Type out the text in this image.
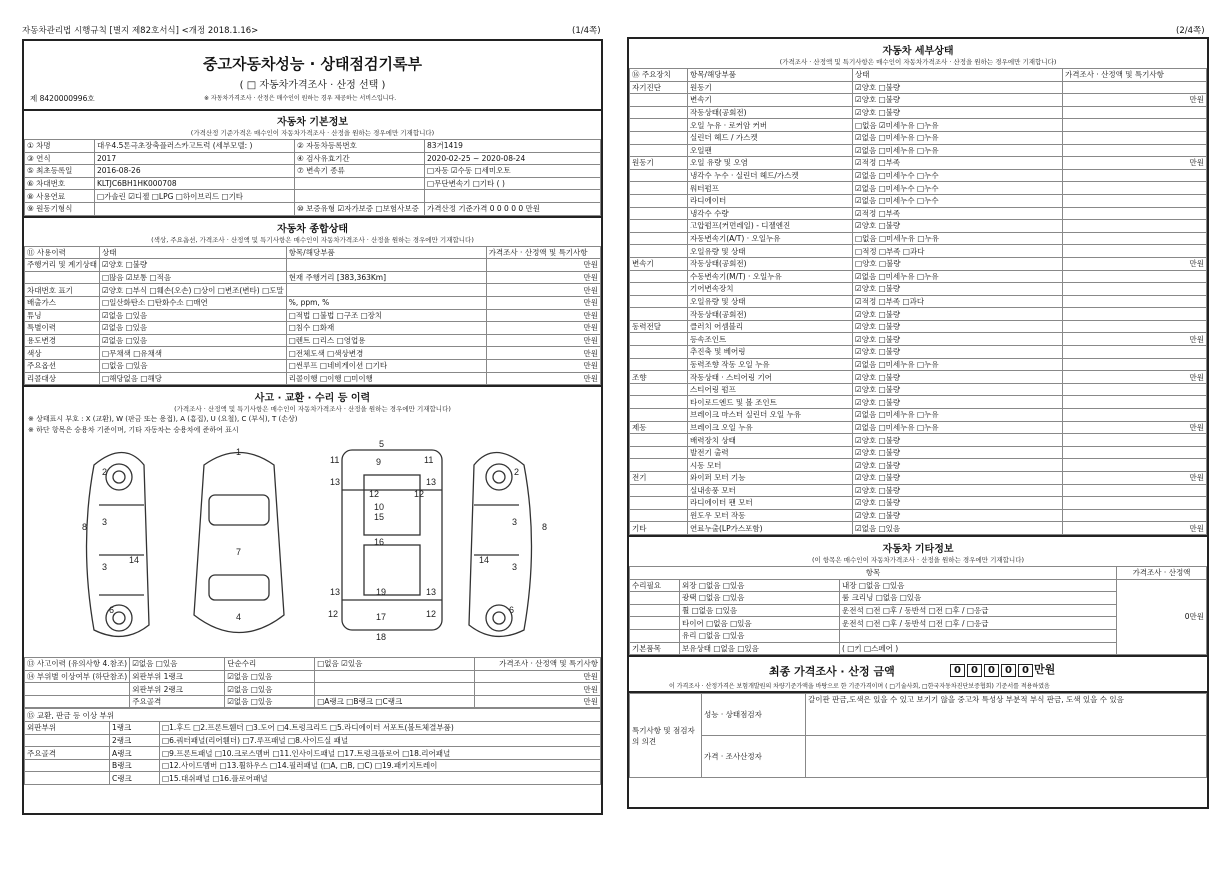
자동차관리법 시행규칙 [별지 제82호서식] <개정 2018.1.16>	(1/4쪽)	(2/4쪽)
중고자동차성능 · 상태점검기록부
( □ 자동차가격조사 · 산정 선택 )
제 8420000996호	※ 자동차가격조사 · 산정은 매수인이 원하는 경우 제공하는 서비스입니다.
자동차 기본정보
(가격산정 기준가격은 매수인이 자동차가격조사 · 산정을 원하는 경우에만 기재합니다)
① 차명	대우4.5톤극초장축플러스카고트럭 (세부모델: )	② 자동차등록번호	83거1419
③ 연식	2017	④ 검사유효기간	2020-02-25 ~ 2020-08-24
⑤ 최초등록일	2016-08-26	⑦ 변속기 종류	□자동 ☑수동 □세미오토
⑥ 차대번호	KLTJC6BH1HK000708		□무단변속기 □기타 ( )
⑧ 사용연료	□가솔린 ☑디젤 □LPG □하이브리드 □기타		
⑨ 원동기형식		⑩ 보증유형 ☑자가보증 □보험사보증	가격산정 기준가격 0 0 0 0 0 만원
자동차 종합상태
(색상, 주요옵션, 가격조사 · 산정액 및 특기사항은 매수인이 자동차가격조사 · 산정을 원하는 경우에만 기재합니다)
⑪ 사용이력	상태	항목/해당부품	가격조사 · 산정액 및 특기사항
주행거리 및 계기상태	☑양호 □불량		만원
	□많음 ☑보통 □적음	현재 주행거리 [383,363Km]	만원
차대번호 표기	☑양호 □부식 □훼손(오손) □상이 □변조(변타) □도말		만원
배출가스	□일산화탄소 □탄화수소 □매연	%, ppm, %	만원
튜닝	☑없음 □있음	□적법 □불법 □구조 □장치	만원
특별이력	☑없음 □있음	□침수 □화재	만원
용도변경	☑없음 □있음	□렌트 □리스 □영업용	만원
색상	□무채색 □유채색	□전체도색 □색상변경	만원
주요옵션	□없음 □있음	□썬루프 □네비게이션 □기타	만원
리콜대상	□해당없음 □해당	리콜이행 □이행 □미이행	만원
사고 · 교환 · 수리 등 이력
(가격조사 · 산정액 및 특기사항은 매수인이 자동차가격조사 · 산정을 원하는 경우에만 기재합니다)
※ 상태표시 부호 : X (교환), W (판금 또는 용접), A (흠집), U (요철), C (부식), T (손상)
※ 하단 항목은 승용차 기준이며, 기타 자동차는 승용차에 준하여 표시
2
8 3
14
3
6
1
7
4
5
11	11
9
13
12	12
13
10
15
16
13	19	13
12	17	12
18
2
8
3
14
3
6
⑬ 사고이력 (유의사항 4.참조)	☑없음 □있음	단순수리	□없음 ☑있음	가격조사 · 산정액 및 특기사항
⑭ 부위별 이상여부 (하단참조)	외판부위 1랭크	☑없음 □있음		만원
	외판부위 2랭크	☑없음 □있음		만원
	주요골격	☑없음 □있음	□A랭크 □B랭크 □C랭크	만원
⑮ 교환, 판금 등 이상 부위		
외판부위	1랭크	□1.후드 □2.프론트휀더 □3.도어 □4.트렁크리드 □5.라디에이터 서포트(볼트체결부품)
	2랭크	□6.쿼터패널(리어휀더) □7.루프패널 □8.사이드실 패널
주요골격	A랭크	□9.프론트패널 □10.크로스멤버 □11.인사이드패널 □17.트렁크플로어 □18.리어패널
	B랭크	□12.사이드멤버 □13.휠하우스 □14.필러패널 (□A, □B, □C) □19.패키지트레이
	C랭크	□15.대쉬패널 □16.플로어패널
자동차 세부상태
(가격조사 · 산정액 및 특기사항은 매수인이 자동차가격조사 · 산정을 원하는 경우에만 기재합니다)
⑯ 주요장치	항목/해당부품	상태	가격조사 · 산정액 및 특기사항
자기진단	원동기	☑양호 □불량	
	변속기	☑양호 □불량	만원
	작동상태(공회전)	☑양호 □불량	
	오일 누유 · 로커암 커버	□없음 ☑미세누유 □누유	
	실린더 헤드 / 가스켓	☑없음 □미세누유 □누유	
	오일팬	☑없음 □미세누유 □누유	
원동기	오일 유량 및 오염	☑적정 □부족	만원
	냉각수 누수 · 실린더 헤드/가스켓	☑없음 □미세누수 □누수	
	워터펌프	☑없음 □미세누수 □누수	
	라디에이터	☑없음 □미세누수 □누수	
	냉각수 수량	☑적정 □부족	
	고압펌프(커먼레일) - 디젤엔진	☑양호 □불량	
	자동변속기(A/T) · 오일누유	□없음 □미세누유 □누유	
	오일유량 및 상태	□적정 □부족 □과다	
변속기	작동상태(공회전)	□양호 □불량	만원
	수동변속기(M/T) · 오일누유	☑없음 □미세누유 □누유	
	기어변속장치	☑양호 □불량	
	오일유량 및 상태	☑적정 □부족 □과다	
	작동상태(공회전)	☑양호 □불량	
동력전달	클러치 어셈블리	☑양호 □불량	
	등속조인트	☑양호 □불량	만원
	추진축 및 베어링	☑양호 □불량	
	동력조향 작동 오일 누유	☑없음 □미세누유 □누유	
조향	작동상태 · 스티어링 기어	☑양호 □불량	만원
	스티어링 펌프	☑양호 □불량	
	타이로드엔드 및 볼 조인트	☑양호 □불량	
	브레이크 마스터 실린더 오일 누유	☑없음 □미세누유 □누유	
제동	브레이크 오일 누유	☑없음 □미세누유 □누유	만원
	배력장치 상태	☑양호 □불량	
	발전기 출력	☑양호 □불량	
	시동 모터	☑양호 □불량	
전기	와이퍼 모터 기능	☑양호 □불량	만원
	실내송풍 모터	☑양호 □불량	
	라디에이터 팬 모터	☑양호 □불량	
	윈도우 모터 작동	☑양호 □불량	
기타	연료누출(LP가스포함)	☑없음 □있음	만원
자동차 기타정보
(이 항목은 매수인이 자동차가격조사 · 산정을 원하는 경우에만 기재합니다)
항목			가격조사 · 산정액
수리필요	외장 □없음 □있음	내장 □없음 □있음	0만원
	광택 □없음 □있음	룸 크리닝 □없음 □있음	
	휠 □없음 □있음	운전석 □전 □후 / 동반석 □전 □후 / □응급	
	타이어 □없음 □있음	운전석 □전 □후 / 동반석 □전 □후 / □응급	
	유리 □없음 □있음		
기본품목	보유상태 □없음 □있음	( □키 □스페어 )	
최종 가격조사 · 산정 금액	0 0 0 0 0 만원
이 가격조사 · 산정가격은 보험개발원의 차량기준가액을 바탕으로 한 기준가격이며 ( □기술사회, □한국자동차진단보증협회) 기준서를 적용하였음
특기사항 및 점검자의 의견	성능 · 상태점검자	갈이판 판금,도색은 있을 수 있고 보기기 않을 중고차 특성상 부분적 부식 판금, 도색 있을 수 있음
	가격 · 조사산정자	
